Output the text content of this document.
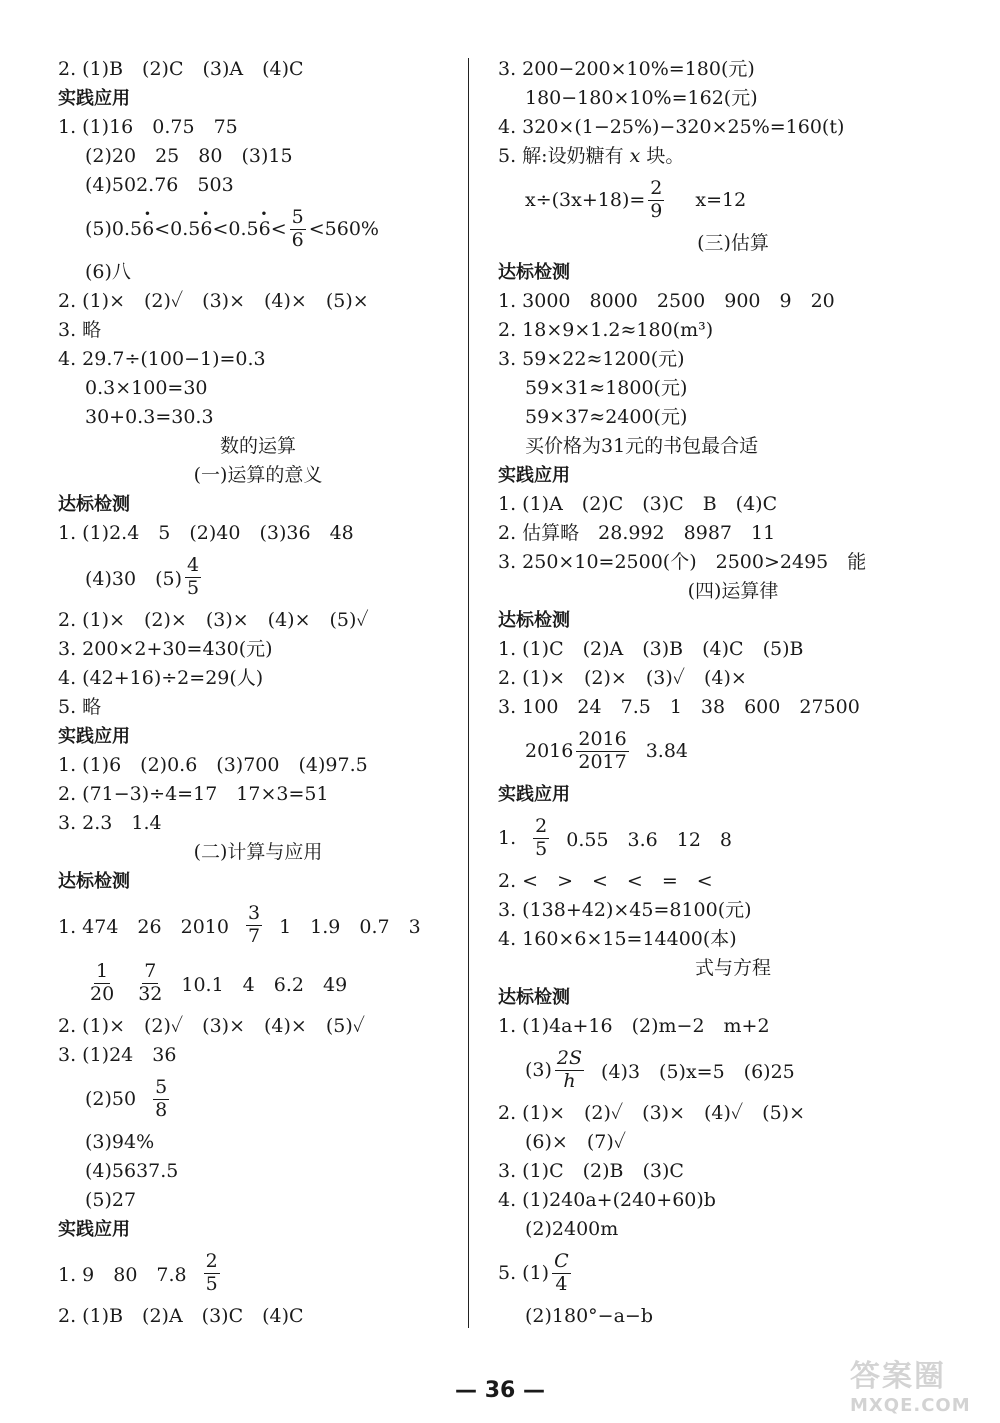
2. (1)B　(2)C　(3)A　(4)C
实践应用
1. (1)16　0.75　75
(2)20　25　80　(3)15
(4)502.76　503
(5)0.5
· 6<0.5
· 6 <0.5
· $6< \frac{5}{6} <560\%$
(6)八
2. (1)×　(2)✓　(3)×　(4)×　(5)×
3. 略
4. 29.7÷(100−1)=0.3
0.3×100=30
30+0.3=30.3
数的运算
(一)运算的意义
达标检测
1. (1)2.4　5　(2)40　(3)36　48
(4)30　$(5) \frac{4}{5}$
2. (1)×　(2)×　(3)×　(4)×　(5)✓
3. 200×2+30=430(元)
4. (42+16)÷2=29(人)
5. 略
实践应用
1. (1)6　(2)0.6　(3)700　(4)97.5
2. (71−3)÷4=17　17×3=51
3. 2.3　1.4
(二)计算与应用
达标检测
1. 474　26　$2010 \frac{3}{7} 1$　1.9　0.7　3
$\frac{1}{20} \frac{7}{32} 10.1$　4　6.2　49
2. (1)×　(2)✓　(3)×　(4)×　(5)✓
3. (1)24　36
$(2)50 \frac{5}{8}$
(3)94%
(4)5637.5
(5)27
实践应用
1. 9　80　$7.8 \frac{2}{5}$
2. (1)B　(2)A　(3)C　(4)C
3. 200−200×10%=180(元)
180−180×10%=162(元)
4. 320×(1−25%)−320×25%=160(t)
5. 解:设奶糖有 x 块。
$x\div(3x+18)= \frac{2}{9} x=12$
(三)估算
达标检测
1. 3000　8000　2500　900　9　20
2. 18×9×1.2≈180(m³)
3. 59×22≈1200(元)
59×31≈1800(元)
59×37≈2400(元)
买价格为31元的书包最合适
实践应用
1. (1)A　(2)C　(3)C　B　(4)C
2. 估算略　28.992　8987　11
3. 250×10=2500(个)　2500>2495　能
(四)运算律
达标检测
1. (1)C　(2)A　(3)B　(4)C　(5)B
2. (1)×　(2)×　(3)✓　(4)×
3. 100　24　7.5　1　38　600　27500
$2016 \frac{2016}{2017} 3.84$
实践应用
1. $\frac{2}{5} 0.55$　3.6　12　8
2. <　>　<　<　=　<
3. (138+42)×45=8100(元)
4. 160×6×15=14400(本)
式与方程
达标检测
1. (1)4a+16　(2)m−2　m+2
$(3) \frac{2S}{h} (4)3$　(5)x=5　(6)25
2. (1)×　(2)✓　(3)×　(4)✓　(5)×
(6)×　(7)✓
3. (1)C　(2)B　(3)C
4. (1)240a+(240+60)b
(2)2400m
5. $(1) \frac{C}{4}$
(2)180°−a−b
— 36 —	答案圈
MXQE.COM
